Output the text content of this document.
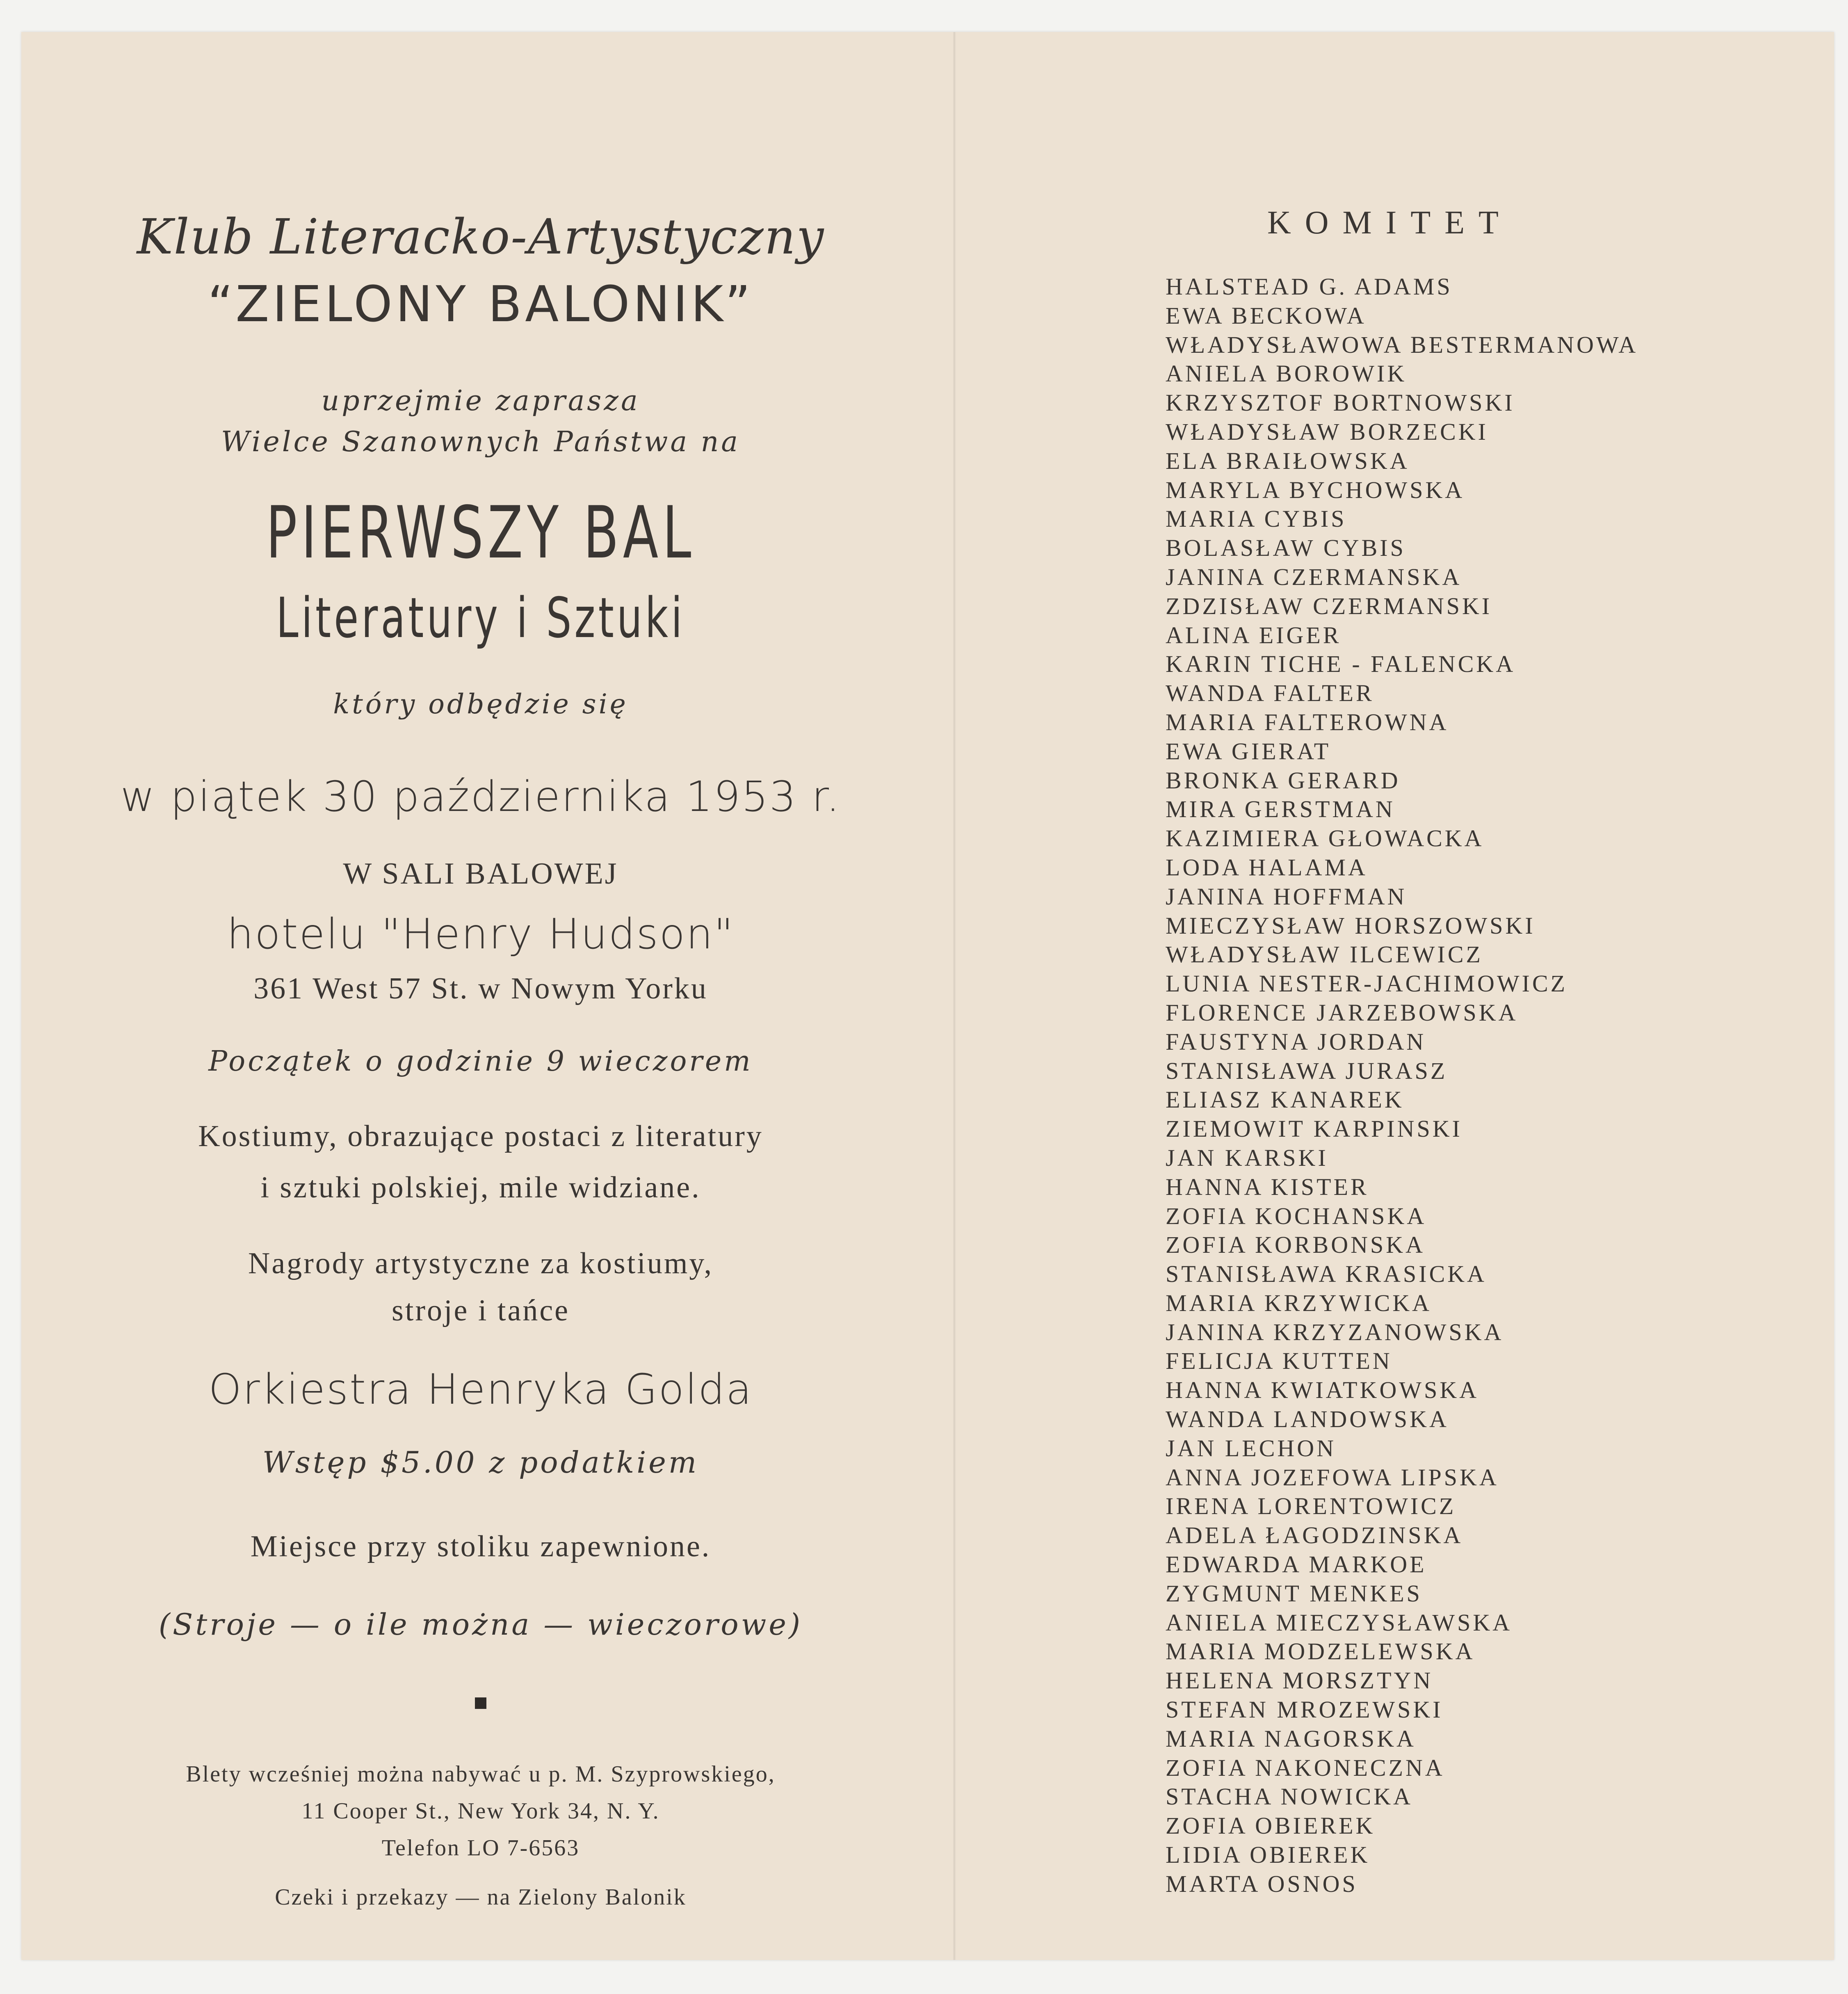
Klub Literacko-Artystyczny
“ZIELONY BALONIK”
uprzejmie zaprasza
Wielce Szanownych Państwa na
PIERWSZY BAL
Literatury i Sztuki
który odbędzie się
w piątek 30 października 1953 r.
W SALI BALOWEJ
hotelu "Henry Hudson"
361 West 57 St. w Nowym Yorku
Początek o godzinie 9 wieczorem
Kostiumy, obrazujące postaci z literatury
i sztuki polskiej, mile widziane.
Nagrody artystyczne za kostiumy,
stroje i tańce
Orkiestra Henryka Golda
Wstęp $5.00 z podatkiem
Miejsce przy stoliku zapewnione.
(Stroje — o ile można — wieczorowe)
Blety wcześniej można nabywać u p. M. Szyprowskiego,
11 Cooper St., New York 34, N. Y.
Telefon LO 7-6563
Czeki i przekazy — na Zielony Balonik
KOMITET
HALSTEAD G. ADAMS
EWA BECKOWA
WŁADYSŁAWOWA BESTERMANOWA
ANIELA BOROWIK
KRZYSZTOF BORTNOWSKI
WŁADYSŁAW BORZECKI
ELA BRAIŁOWSKA
MARYLA BYCHOWSKA
MARIA CYBIS
BOLASŁAW CYBIS
JANINA CZERMANSKA
ZDZISŁAW CZERMANSKI
ALINA EIGER
KARIN TICHE - FALENCKA
WANDA FALTER
MARIA FALTEROWNA
EWA GIERAT
BRONKA GERARD
MIRA GERSTMAN
KAZIMIERA GŁOWACKA
LODA HALAMA
JANINA HOFFMAN
MIECZYSŁAW HORSZOWSKI
WŁADYSŁAW ILCEWICZ
LUNIA NESTER-JACHIMOWICZ
FLORENCE JARZEBOWSKA
FAUSTYNA JORDAN
STANISŁAWA JURASZ
ELIASZ KANAREK
ZIEMOWIT KARPINSKI
JAN KARSKI
HANNA KISTER
ZOFIA KOCHANSKA
ZOFIA KORBONSKA
STANISŁAWA KRASICKA
MARIA KRZYWICKA
JANINA KRZYZANOWSKA
FELICJA KUTTEN
HANNA KWIATKOWSKA
WANDA LANDOWSKA
JAN LECHON
ANNA JOZEFOWA LIPSKA
IRENA LORENTOWICZ
ADELA ŁAGODZINSKA
EDWARDA MARKOE
ZYGMUNT MENKES
ANIELA MIECZYSŁAWSKA
MARIA MODZELEWSKA
HELENA MORSZTYN
STEFAN MROZEWSKI
MARIA NAGORSKA
ZOFIA NAKONECZNA
STACHA NOWICKA
ZOFIA OBIEREK
LIDIA OBIEREK
MARTA OSNOS
